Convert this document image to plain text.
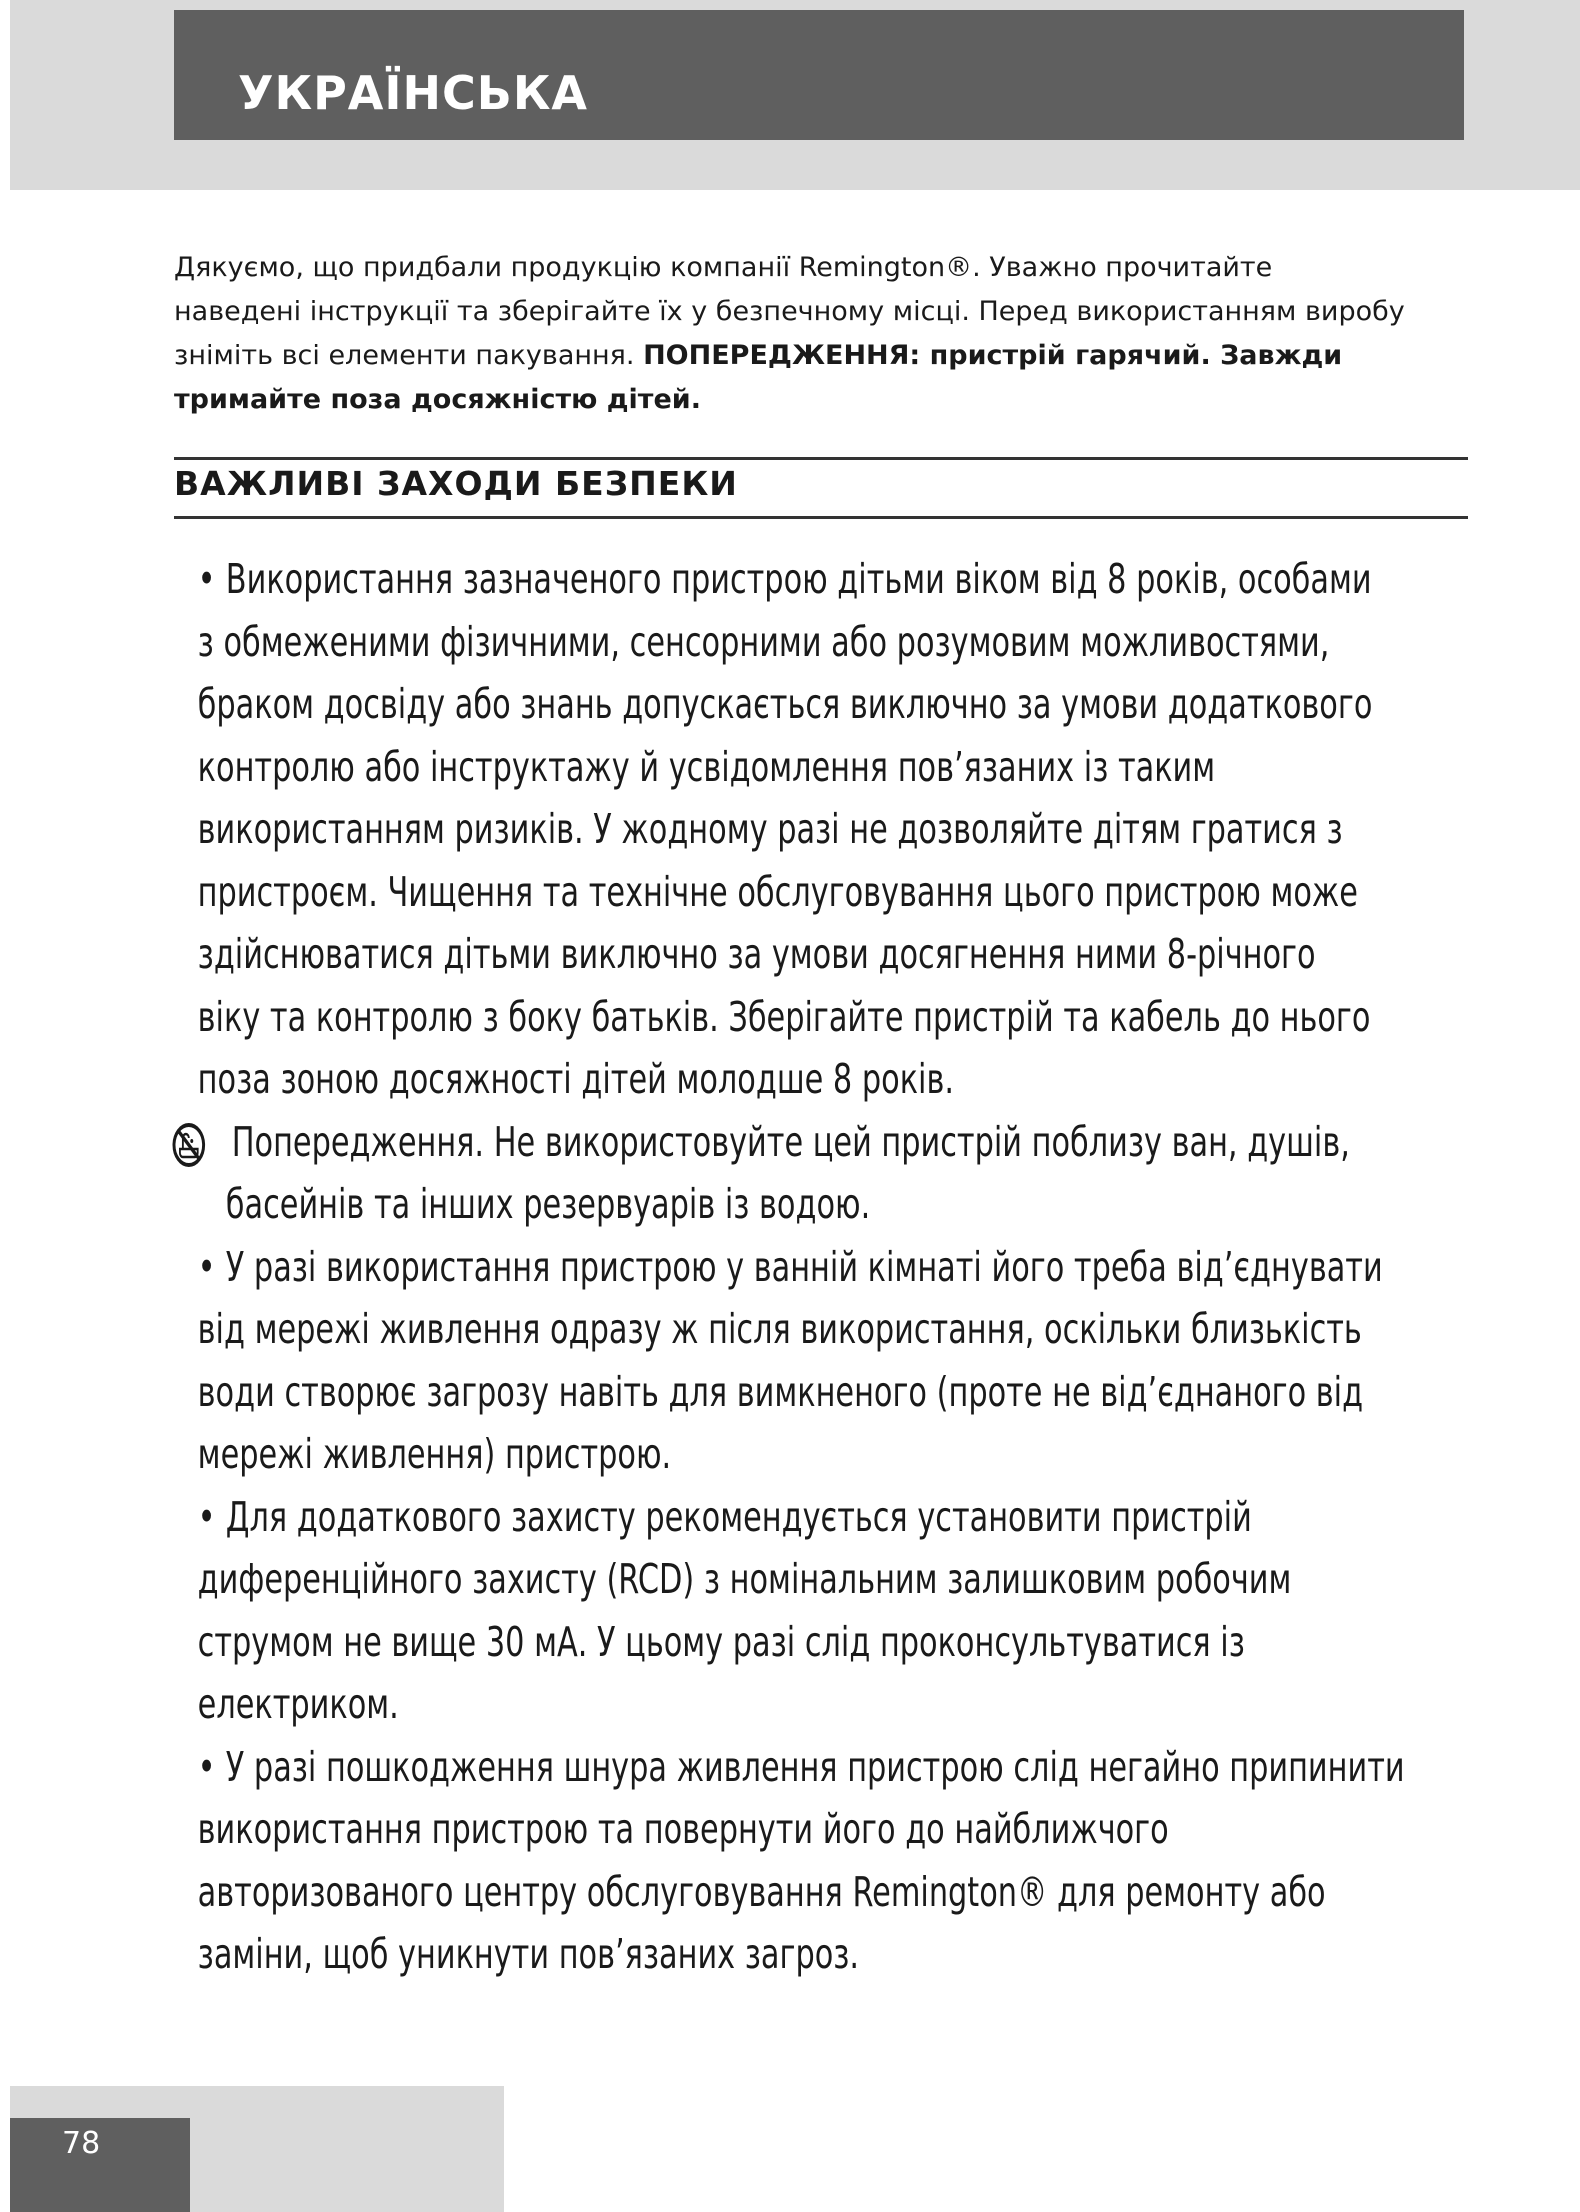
УКРАЇНСЬКА
Дякуємо, що придбали продукцію компанії Remington®. Уважно прочитайте
наведені інструкції та зберігайте їх у безпечному місці. Перед використанням виробу
зніміть всі елементи пакування. ПОПЕРЕДЖЕННЯ: пристрій гарячий. Завжди
тримайте поза досяжністю дітей.
ВАЖЛИВІ ЗАХОДИ БЕЗПЕКИ
• Використання зазначеного пристрою дітьми віком від 8 років, особами
з обмеженими фізичними, сенсорними або розумовим можливостями,
браком досвіду або знань допускається виключно за умови додаткового
контролю або інструктажу й усвідомлення пов’язаних із таким
використанням ризиків. У жодному разі не дозволяйте дітям гратися з
пристроєм. Чищення та технічне обслуговування цього пристрою може
здійснюватися дітьми виключно за умови досягнення ними 8-річного
віку та контролю з боку батьків. Зберігайте пристрій та кабель до нього
поза зоною досяжності дітей молодше 8 років.
Попередження. Не використовуйте цей пристрій поблизу ван, душів,
басейнів та інших резервуарів із водою.
• У разі використання пристрою у ванній кімнаті його треба від’єднувати
від мережі живлення одразу ж після використання, оскільки близькість
води створює загрозу навіть для вимкненого (проте не від’єднаного від
мережі живлення) пристрою.
• Для додаткового захисту рекомендується установити пристрій
диференційного захисту (RCD) з номінальним залишковим робочим
струмом не вище 30 мА. У цьому разі слід проконсультуватися із
електриком.
• У разі пошкодження шнура живлення пристрою слід негайно припинити
використання пристрою та повернути його до найближчого
авторизованого центру обслуговування Remington® для ремонту або
заміни, щоб уникнути пов’язаних загроз.
78
